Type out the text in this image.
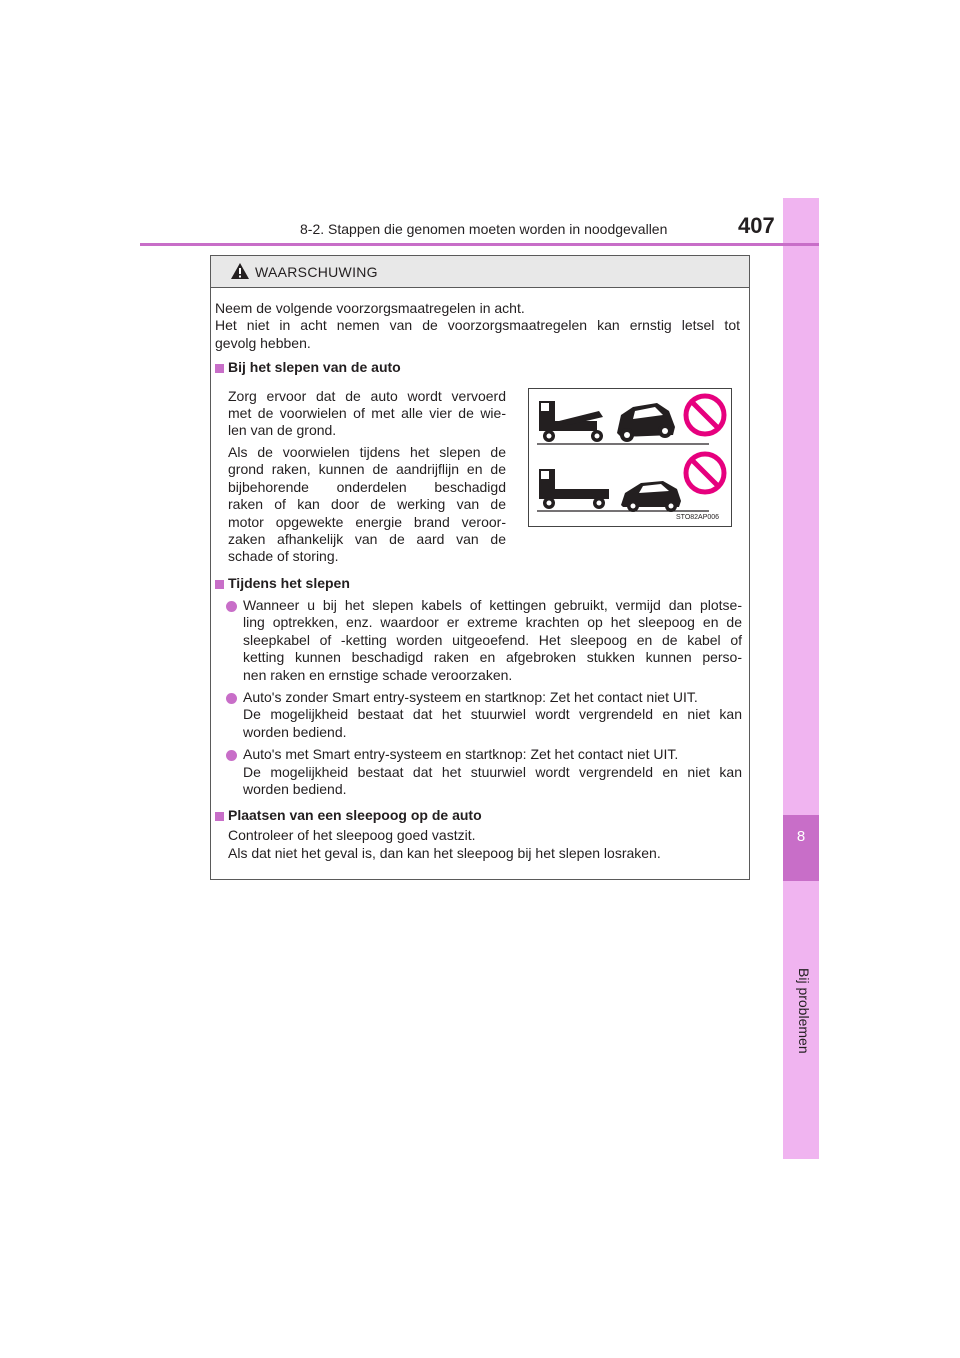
8
Bij problemen
8-2. Stappen die genomen moeten worden in noodgevallen	407
WAARSCHUWING
Neem de volgende voorzorgsmaatregelen in acht.
Het niet in acht nemen van de voorzorgsmaatregelen kan ernstig letsel tot
gevolg hebben.
Bij het slepen van de auto
Zorg ervoor dat de auto wordt vervoerd
met de voorwielen of met alle vier de wie-
len van de grond.
Als de voorwielen tijdens het slepen de
grond raken, kunnen de aandrijflijn en de
bijbehorende onderdelen beschadigd
raken of kan door de werking van de
motor opgewekte energie brand veroor-
zaken afhankelijk van de aard van de
schade of storing.
STO82AP006
Tijdens het slepen
Wanneer u bij het slepen kabels of kettingen gebruikt, vermijd dan plotse-
ling optrekken, enz. waardoor er extreme krachten op het sleepoog en de
sleepkabel of -ketting worden uitgeoefend. Het sleepoog en de kabel of
ketting kunnen beschadigd raken en afgebroken stukken kunnen perso-
nen raken en ernstige schade veroorzaken.
Auto's zonder Smart entry-systeem en startknop: Zet het contact niet UIT.
De mogelijkheid bestaat dat het stuurwiel wordt vergrendeld en niet kan
worden bediend.
Auto's met Smart entry-systeem en startknop: Zet het contact niet UIT.
De mogelijkheid bestaat dat het stuurwiel wordt vergrendeld en niet kan
worden bediend.
Plaatsen van een sleepoog op de auto
Controleer of het sleepoog goed vastzit.
Als dat niet het geval is, dan kan het sleepoog bij het slepen losraken.
